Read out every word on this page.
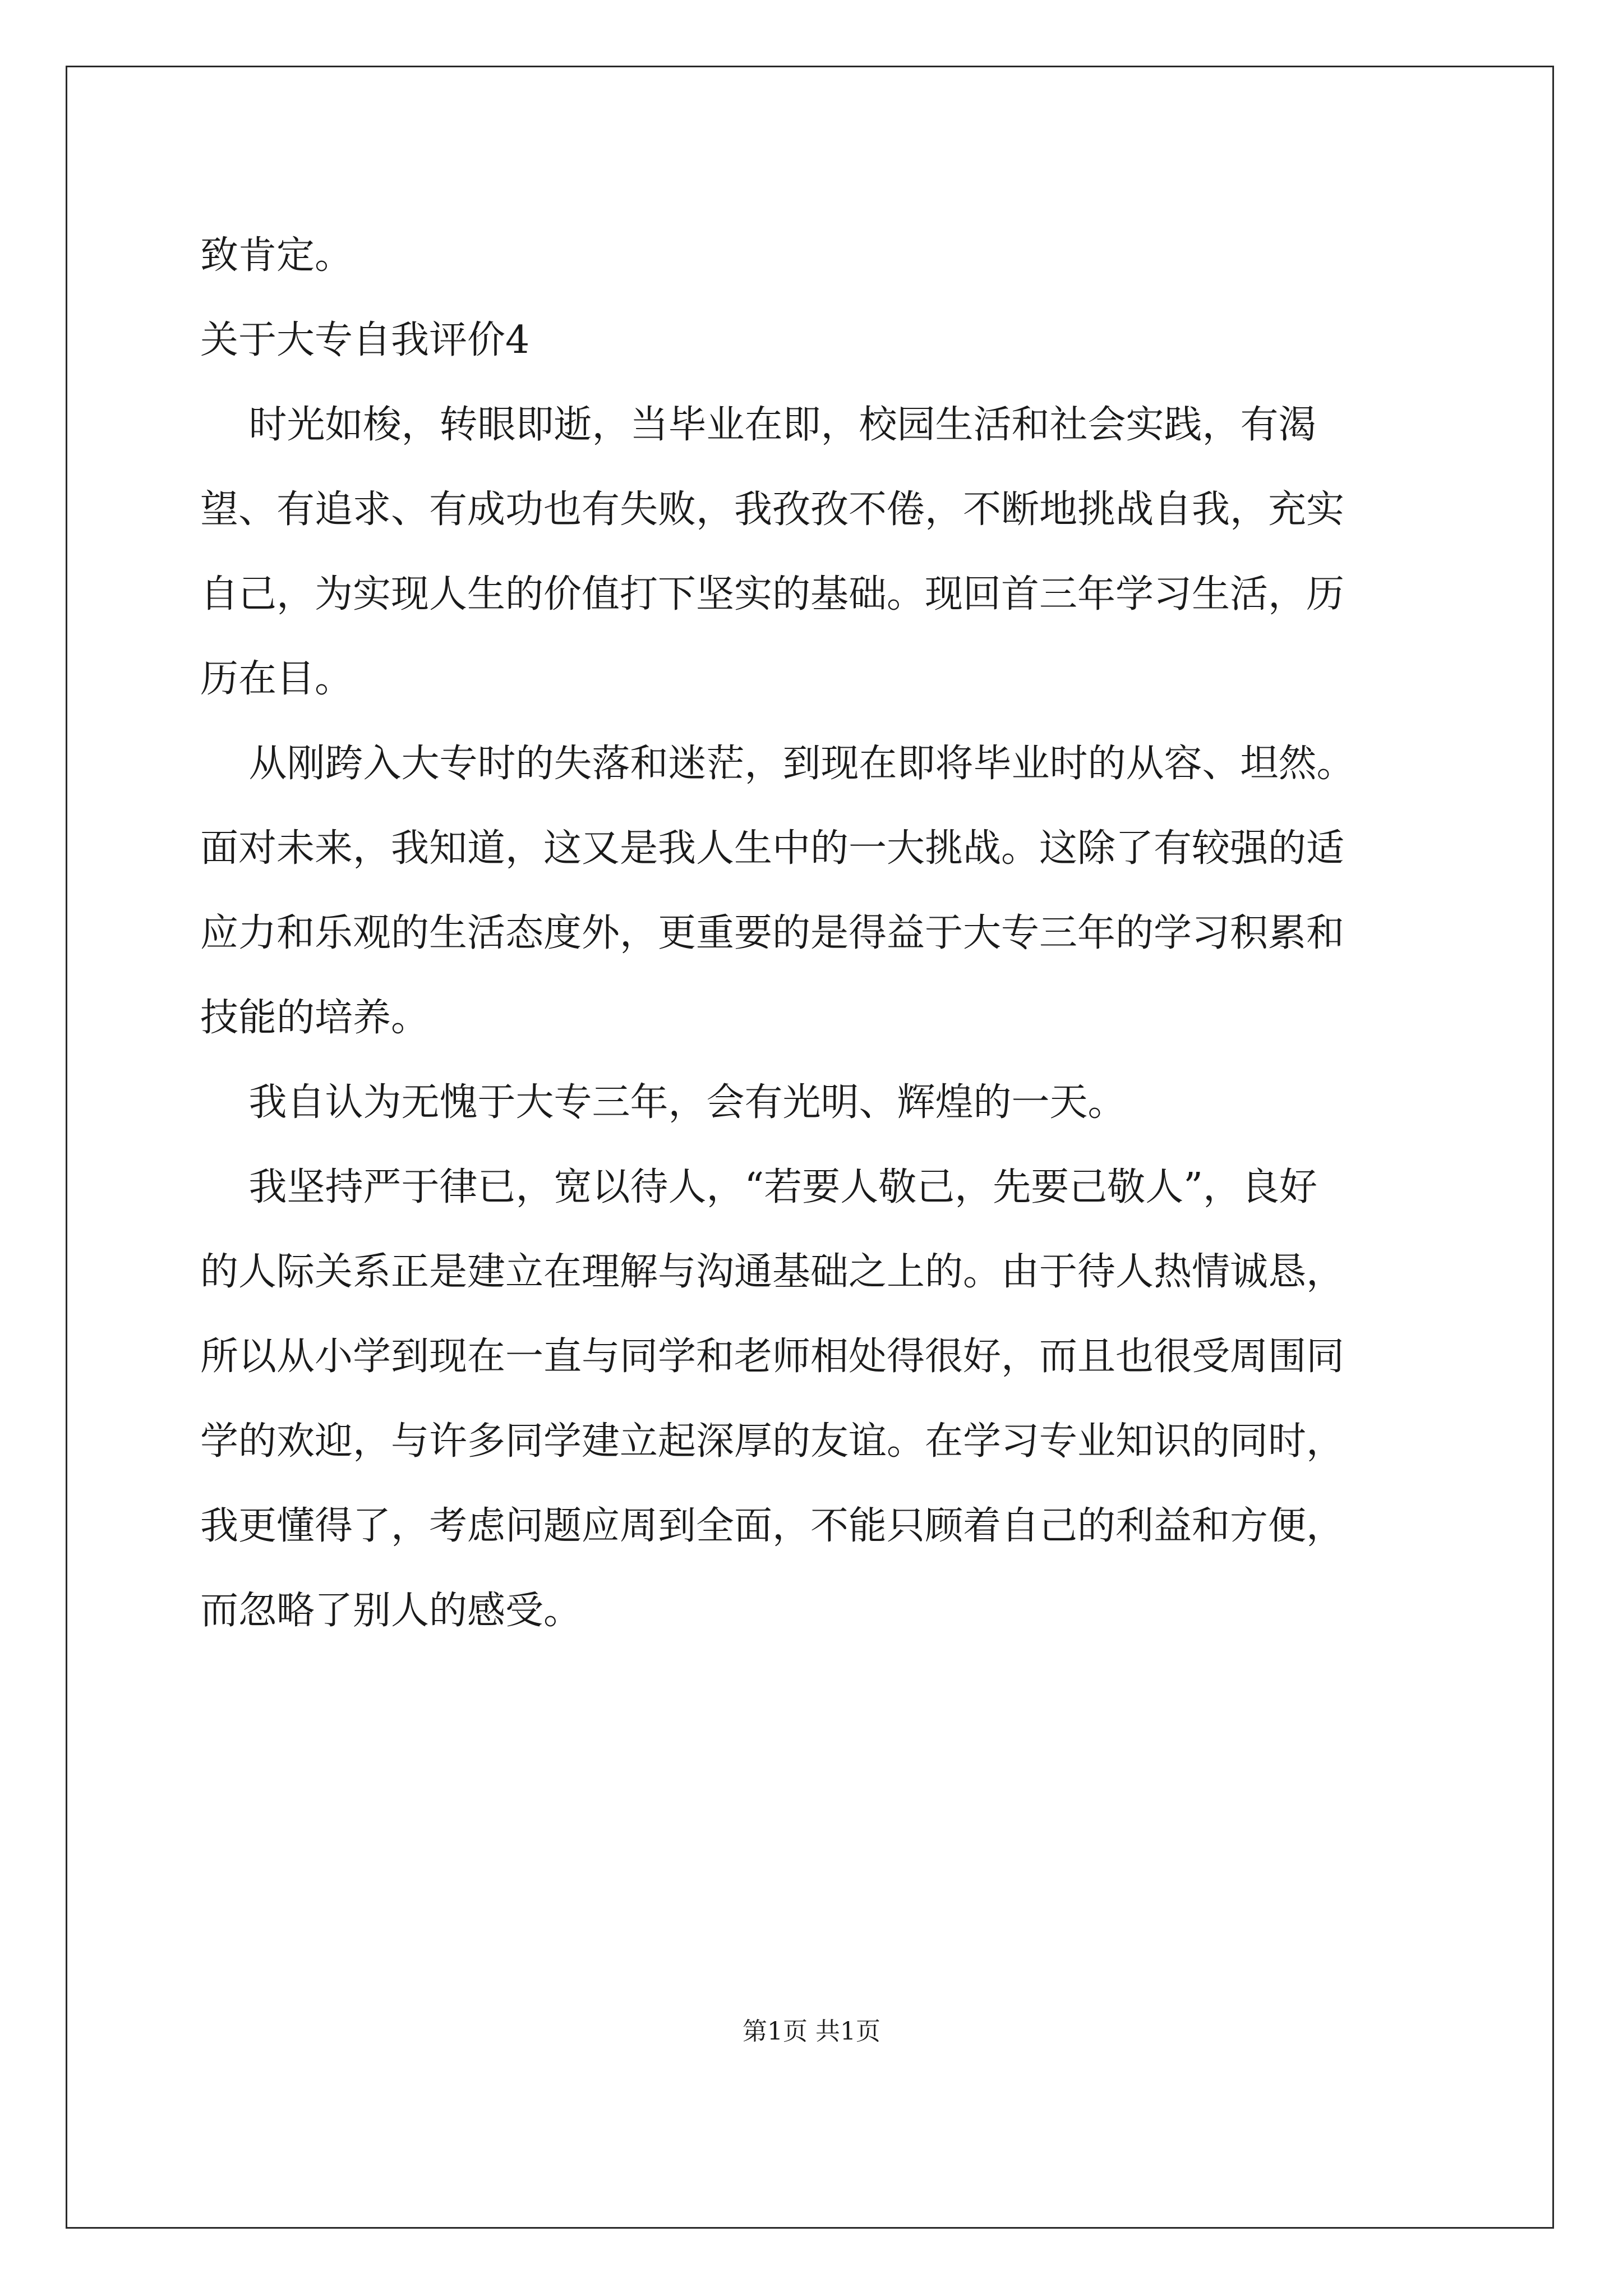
致肯定。
关于大专自我评价4
时光如梭，转眼即逝，当毕业在即，校园生活和社会实践，有渴
望、有追求、有成功也有失败，我孜孜不倦，不断地挑战自我，充实
自己，为实现人生的价值打下坚实的基础。现回首三年学习生活，历
历在目。
从刚跨入大专时的失落和迷茫，到现在即将毕业时的从容、坦然。
面对未来，我知道，这又是我人生中的一大挑战。这除了有较强的适
应力和乐观的生活态度外，更重要的是得益于大专三年的学习积累和
技能的培养。
我自认为无愧于大专三年，会有光明、辉煌的一天。
我坚持严于律已，宽以待人，“若要人敬己，先要己敬人”，良好
的人际关系正是建立在理解与沟通基础之上的。由于待人热情诚恳，
所以从小学到现在一直与同学和老师相处得很好，而且也很受周围同
学的欢迎，与许多同学建立起深厚的友谊。在学习专业知识的同时，
我更懂得了，考虑问题应周到全面，不能只顾着自己的利益和方便，
而忽略了别人的感受。
第1页 共1页
